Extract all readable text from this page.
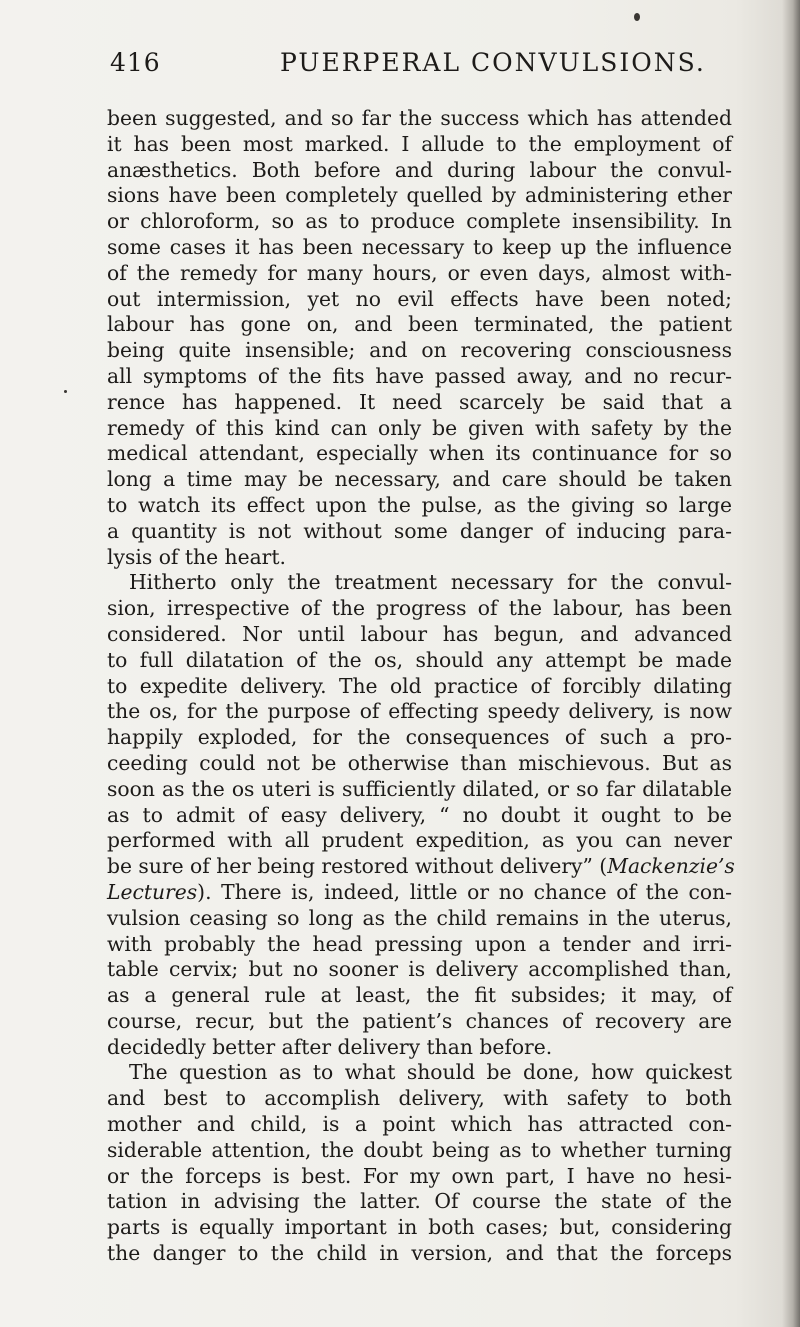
416	PUERPERAL CONVULSIONS.
been suggested, and so far the success which has attended
it has been most marked. I allude to the employment of
anæsthetics. Both before and during labour the convul-
sions have been completely quelled by administering ether
or chloroform, so as to produce complete insensibility. In
some cases it has been necessary to keep up the influence
of the remedy for many hours, or even days, almost with-
out intermission, yet no evil effects have been noted;
labour has gone on, and been terminated, the patient
being quite insensible; and on recovering consciousness
all symptoms of the fits have passed away, and no recur-
rence has happened. It need scarcely be said that a
remedy of this kind can only be given with safety by the
medical attendant, especially when its continuance for so
long a time may be necessary, and care should be taken
to watch its effect upon the pulse, as the giving so large
a quantity is not without some danger of inducing para-
lysis of the heart.
Hitherto only the treatment necessary for the convul-
sion, irrespective of the progress of the labour, has been
considered. Nor until labour has begun, and advanced
to full dilatation of the os, should any attempt be made
to expedite delivery. The old practice of forcibly dilating
the os, for the purpose of effecting speedy delivery, is now
happily exploded, for the consequences of such a pro-
ceeding could not be otherwise than mischievous. But as
soon as the os uteri is sufficiently dilated, or so far dilatable
as to admit of easy delivery, “ no doubt it ought to be
performed with all prudent expedition, as you can never
be sure of her being restored without delivery” (Mackenzie’s
Lectures). There is, indeed, little or no chance of the con-
vulsion ceasing so long as the child remains in the uterus,
with probably the head pressing upon a tender and irri-
table cervix; but no sooner is delivery accomplished than,
as a general rule at least, the fit subsides; it may, of
course, recur, but the patient’s chances of recovery are
decidedly better after delivery than before.
The question as to what should be done, how quickest
and best to accomplish delivery, with safety to both
mother and child, is a point which has attracted con-
siderable attention, the doubt being as to whether turning
or the forceps is best. For my own part, I have no hesi-
tation in advising the latter. Of course the state of the
parts is equally important in both cases; but, considering
the danger to the child in version, and that the forceps
